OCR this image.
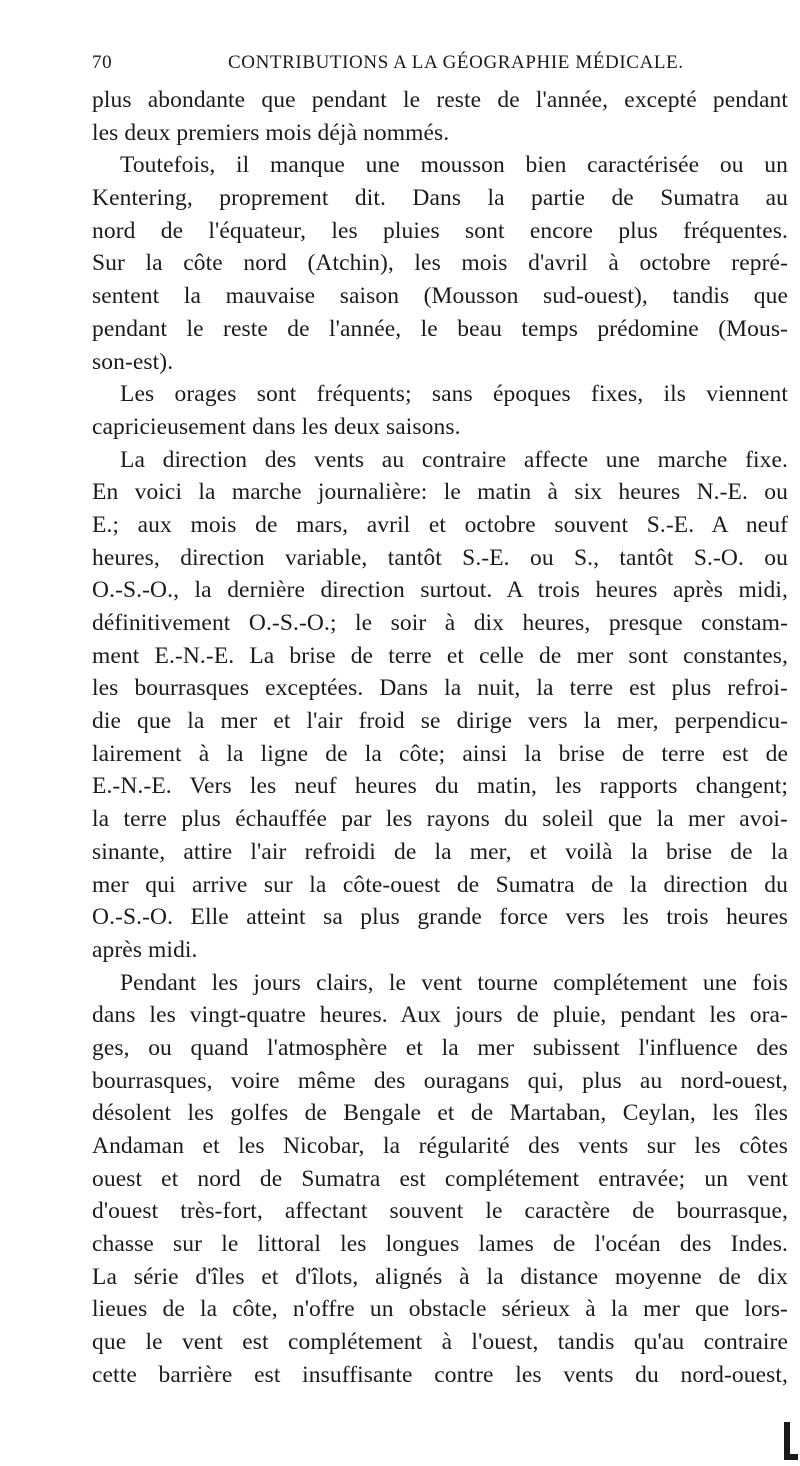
70	CONTRIBUTIONS A LA GÉOGRAPHIE MÉDICALE.
plus abondante que pendant le reste de l'année, excepté pendant
les deux premiers mois déjà nommés.
Toutefois, il manque une mousson bien caractérisée ou un
Kentering, proprement dit. Dans la partie de Sumatra au
nord de l'équateur, les pluies sont encore plus fréquentes.
Sur la côte nord (Atchin), les mois d'avril à octobre repré-
sentent la mauvaise saison (Mousson sud-ouest), tandis que
pendant le reste de l'année, le beau temps prédomine (Mous-
son-est).
Les orages sont fréquents; sans époques fixes, ils viennent
capricieusement dans les deux saisons.
La direction des vents au contraire affecte une marche fixe.
En voici la marche journalière: le matin à six heures N.-E. ou
E.; aux mois de mars, avril et octobre souvent S.-E. A neuf
heures, direction variable, tantôt S.-E. ou S., tantôt S.-O. ou
O.-S.-O., la dernière direction surtout. A trois heures après midi,
définitivement O.-S.-O.; le soir à dix heures, presque constam-
ment E.-N.-E. La brise de terre et celle de mer sont constantes,
les bourrasques exceptées. Dans la nuit, la terre est plus refroi-
die que la mer et l'air froid se dirige vers la mer, perpendicu-
lairement à la ligne de la côte; ainsi la brise de terre est de
E.-N.-E. Vers les neuf heures du matin, les rapports changent;
la terre plus échauffée par les rayons du soleil que la mer avoi-
sinante, attire l'air refroidi de la mer, et voilà la brise de la
mer qui arrive sur la côte-ouest de Sumatra de la direction du
O.-S.-O. Elle atteint sa plus grande force vers les trois heures
après midi.
Pendant les jours clairs, le vent tourne complétement une fois
dans les vingt-quatre heures. Aux jours de pluie, pendant les ora-
ges, ou quand l'atmosphère et la mer subissent l'influence des
bourrasques, voire même des ouragans qui, plus au nord-ouest,
désolent les golfes de Bengale et de Martaban, Ceylan, les îles
Andaman et les Nicobar, la régularité des vents sur les côtes
ouest et nord de Sumatra est complétement entravée; un vent
d'ouest très-fort, affectant souvent le caractère de bourrasque,
chasse sur le littoral les longues lames de l'océan des Indes.
La série d'îles et d'îlots, alignés à la distance moyenne de dix
lieues de la côte, n'offre un obstacle sérieux à la mer que lors-
que le vent est complétement à l'ouest, tandis qu'au contraire
cette barrière est insuffisante contre les vents du nord-ouest,
